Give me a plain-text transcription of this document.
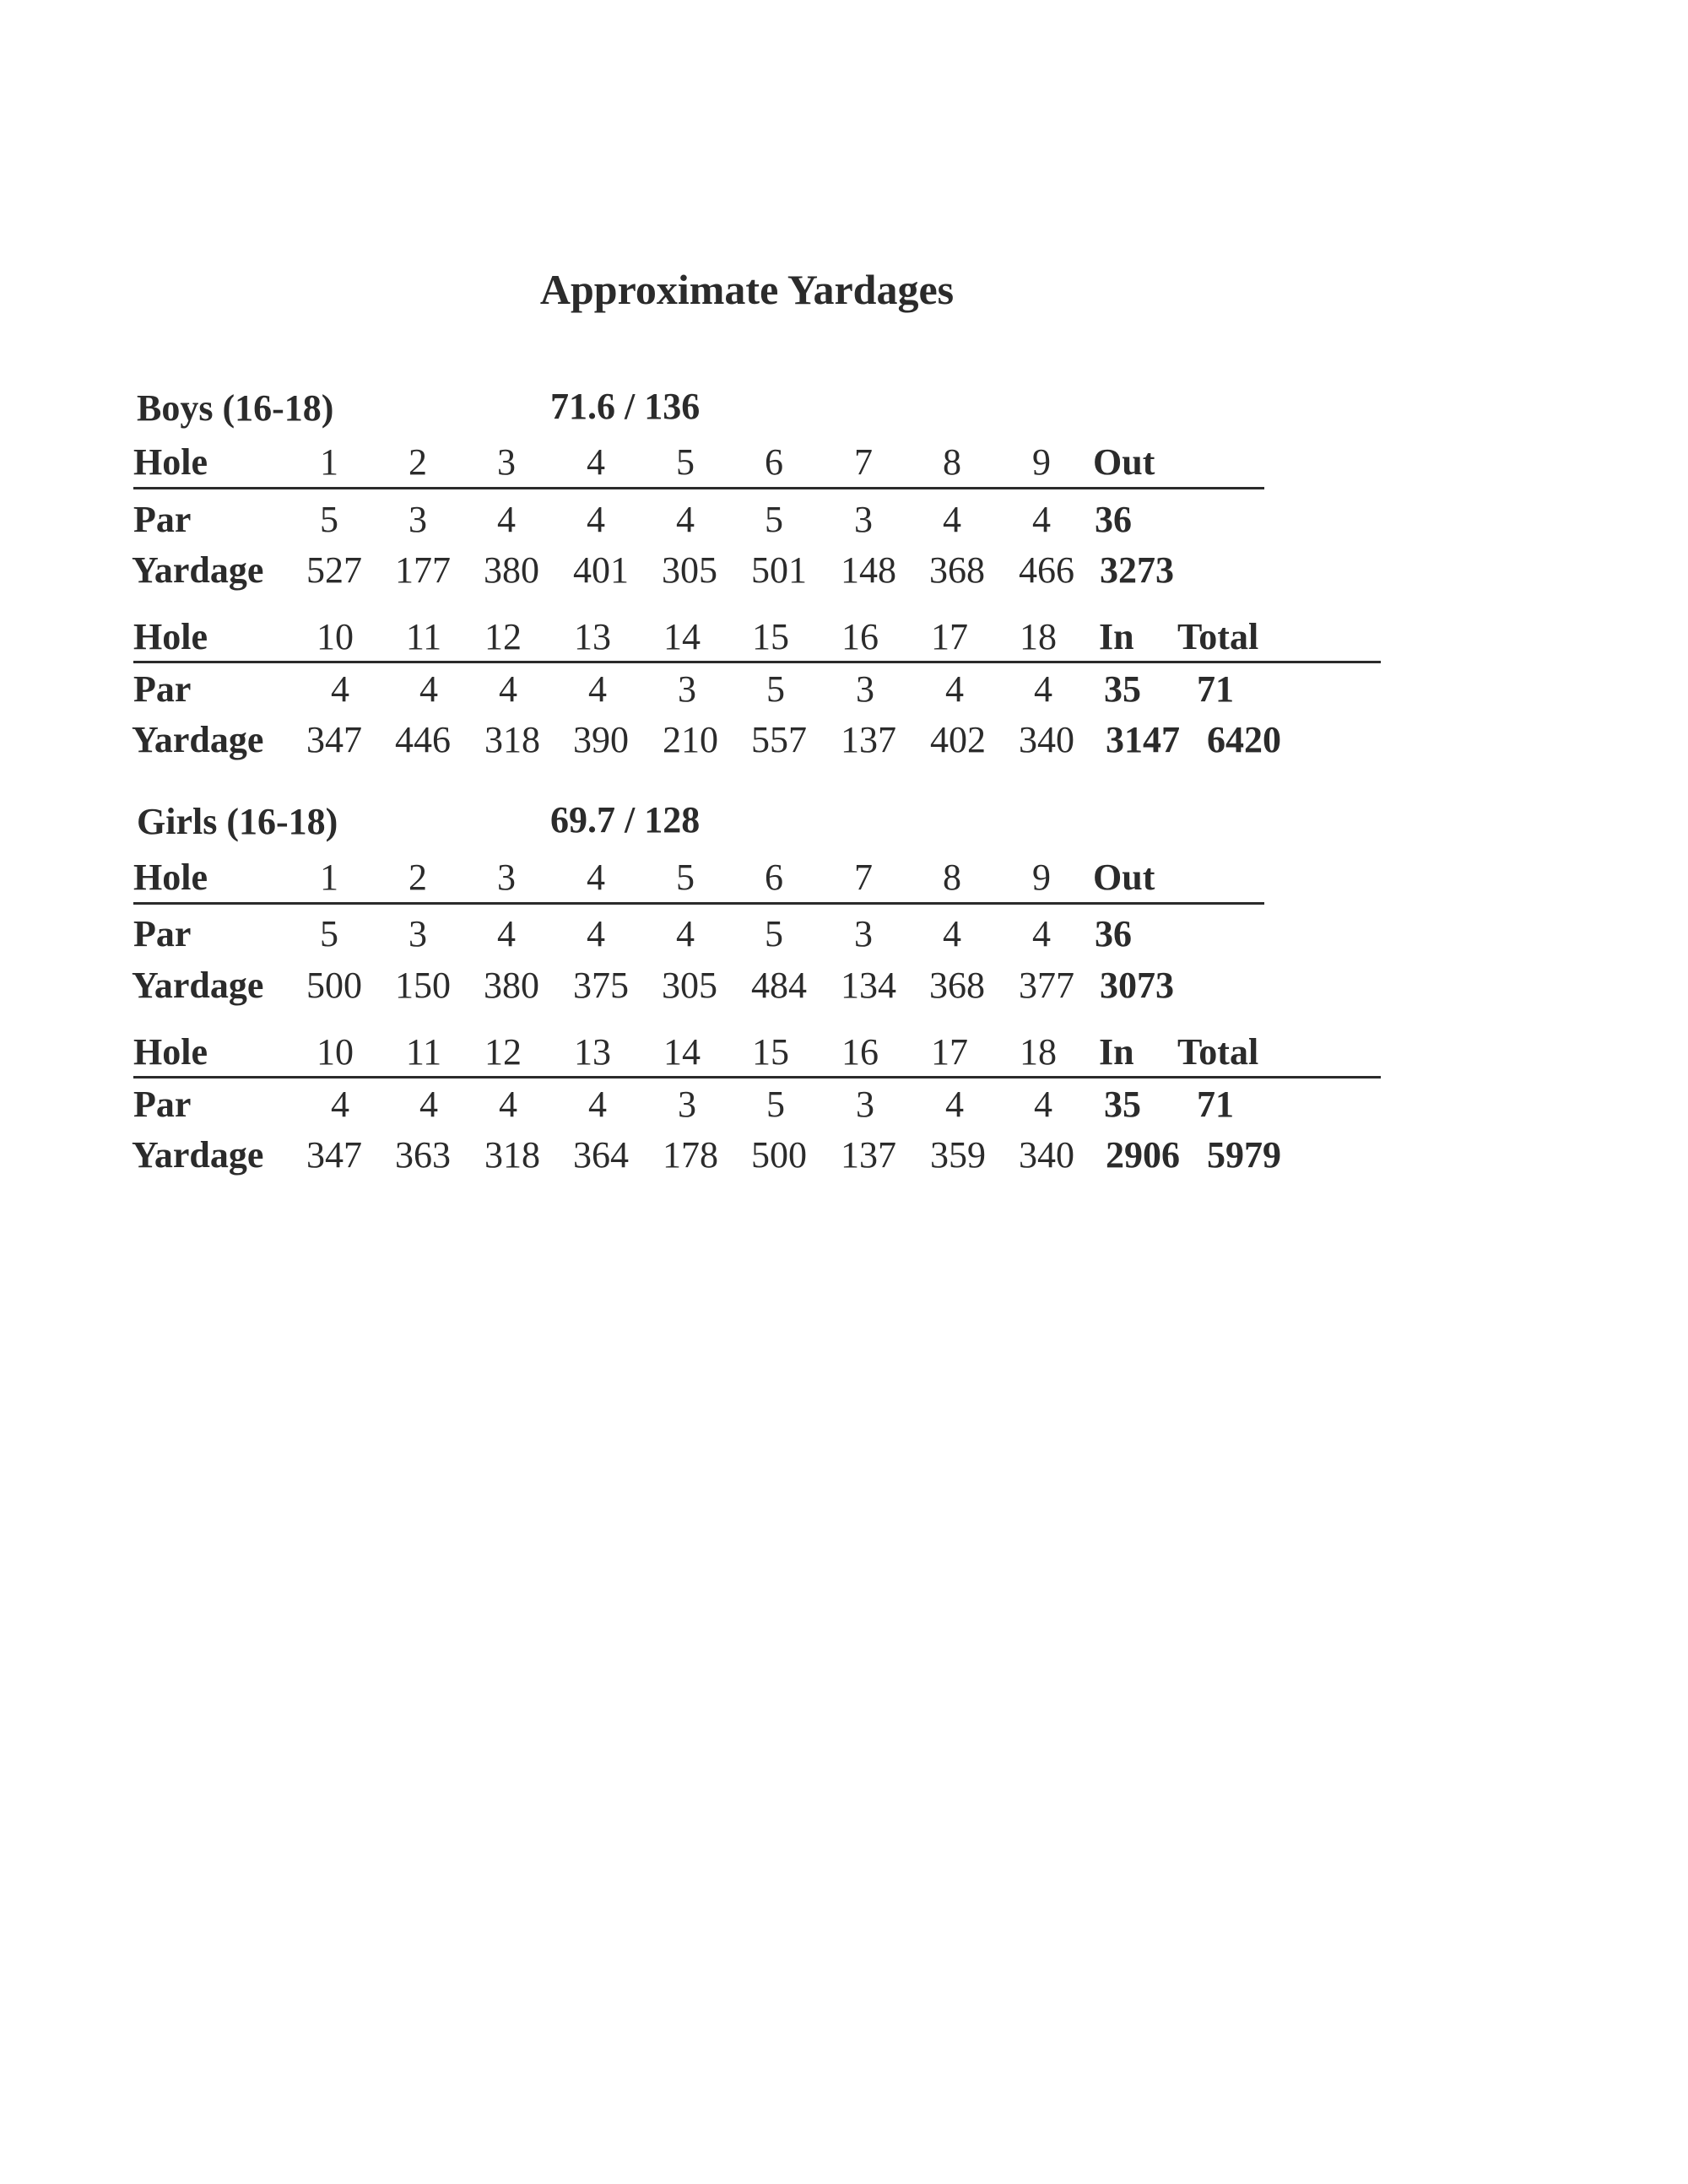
Approximate Yardages
Boys (16-18)	71.6 / 136
Hole	1 2 3 4 5 6 7 8 9 Out
Par	5 3 4 4 4 5 3 4 4 36
Yardage 527 177 380 401 305 501 148 368 466 3273
Hole	10 11 12 13 14 15 16 17 18 In Total
Par	4 4 4 4 3 5 3 4 4 35 71
Yardage 347 446 318 390 210 557 137 402 340 3147 6420
Girls (16-18)	69.7 / 128
Hole	1 2 3 4 5 6 7 8 9 Out
Par	5 3 4 4 4 5 3 4 4 36
Yardage 500 150 380 375 305 484 134 368 377 3073
Hole	10 11 12 13 14 15 16 17 18 In Total
Par	4 4 4 4 3 5 3 4 4 35 71
Yardage 347 363 318 364 178 500 137 359 340 2906 5979
